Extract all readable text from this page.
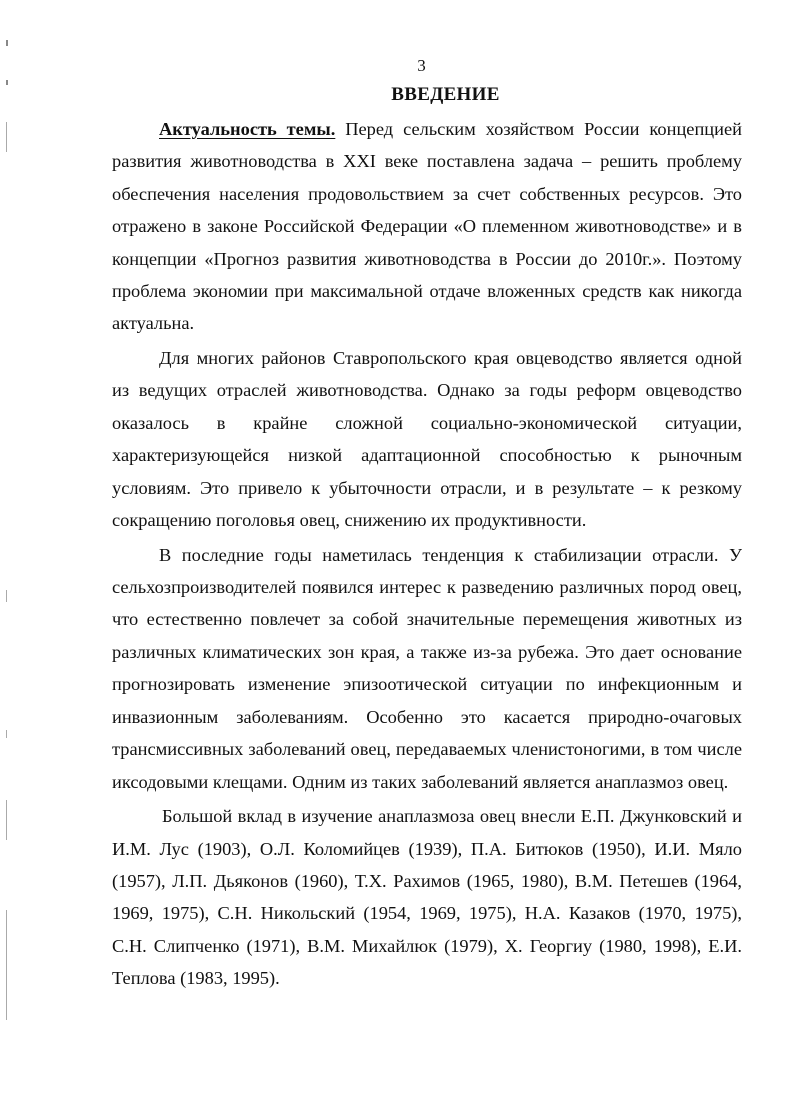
3
ВВЕДЕНИЕ

Актуальность темы. Перед сельским хозяйством России концепцией развития животноводства в XXI веке поставлена задача – решить проблему обеспечения населения продовольствием за счет собственных ресурсов. Это отражено в законе Российской Федерации «О племенном животноводстве» и в концепции «Прогноз развития животноводства в России до 2010г.». Поэтому проблема экономии при максимальной отдаче вложенных средств как никогда актуальна.

Для многих районов Ставропольского края овцеводство является одной из ведущих отраслей животноводства. Однако за годы реформ овцеводство оказалось в крайне сложной социально-экономической ситуации, характеризующейся низкой адаптационной способностью к рыночным условиям. Это привело к убыточности отрасли, и в результате – к резкому сокращению поголовья овец, снижению их продуктивности.

В последние годы наметилась тенденция к стабилизации отрасли. У сельхозпроизводителей появился интерес к разведению различных пород овец, что естественно повлечет за собой значительные перемещения животных из различных климатических зон края, а также из-за рубежа. Это дает основание прогнозировать изменение эпизоотической ситуации по инфекционным и инвазионным заболеваниям. Особенно это касается природно-очаговых трансмиссивных заболеваний овец, передаваемых членистоногими, в том числе иксодовыми клещами. Одним из таких заболеваний является анаплазмоз овец.

Большой вклад в изучение анаплазмоза овец внесли Е.П. Джунковский и И.М. Лус (1903), О.Л. Коломийцев (1939), П.А. Битюков (1950), И.И. Мяло (1957), Л.П. Дьяконов (1960), Т.Х. Рахимов (1965, 1980), В.М. Петешев (1964, 1969, 1975), С.Н. Никольский (1954, 1969, 1975), Н.А. Казаков (1970, 1975), С.Н. Слипченко (1971), В.М. Михайлюк (1979), Х. Георгиу (1980, 1998), Е.И. Теплова (1983, 1995).
